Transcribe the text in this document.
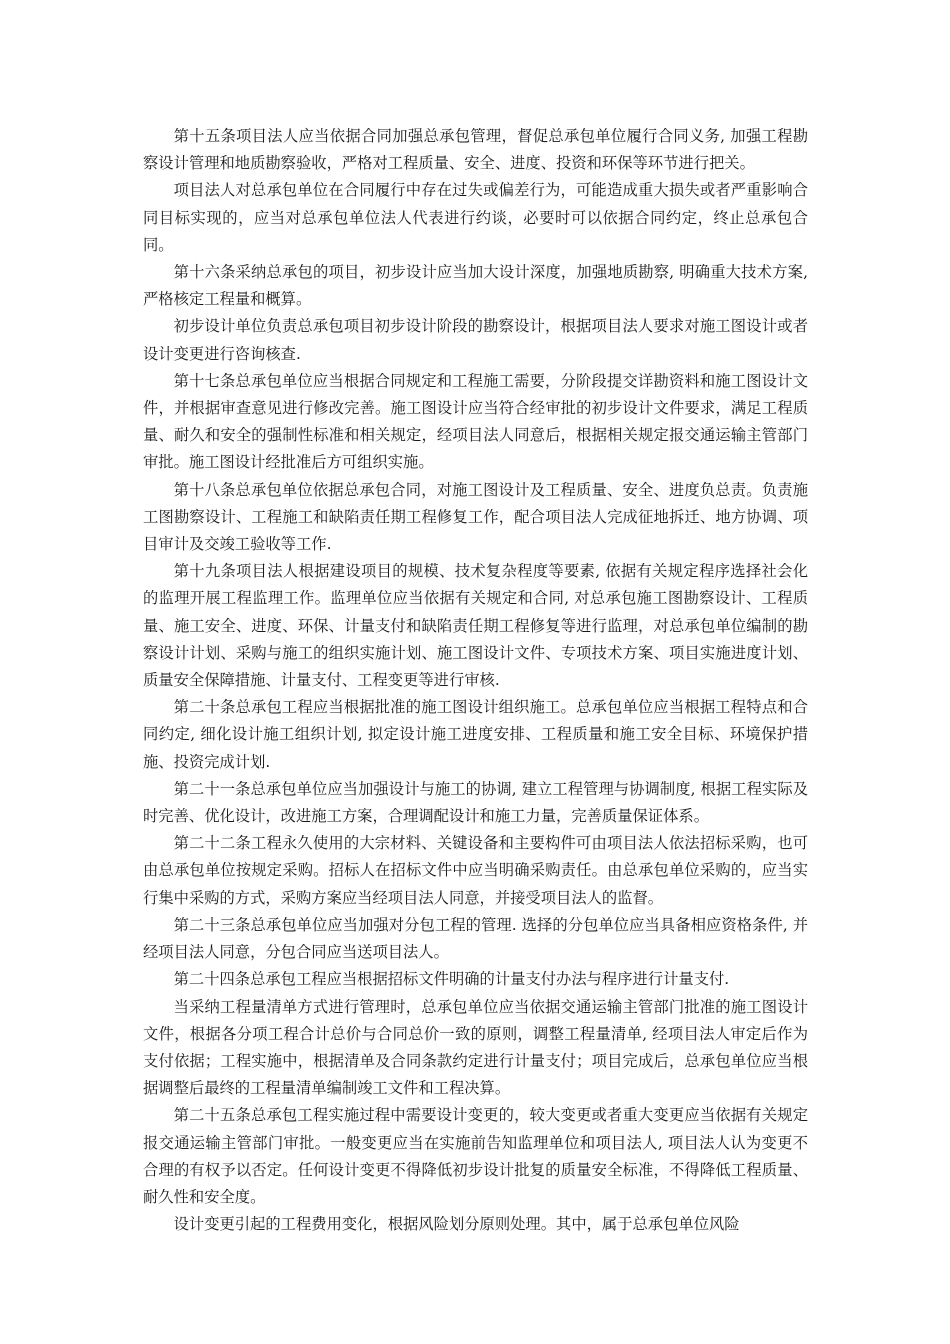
第十五条项目法人应当依据合同加强总承包管理，督促总承包单位履行合同义务, 加强工程勘察设计管理和地质勘察验收，严格对工程质量、安全、进度、投资和环保等环节进行把关。

项目法人对总承包单位在合同履行中存在过失或偏差行为，可能造成重大损失或者严重影响合同目标实现的，应当对总承包单位法人代表进行约谈，必要时可以依据合同约定，终止总承包合同。

第十六条采纳总承包的项目，初步设计应当加大设计深度，加强地质勘察, 明确重大技术方案, 严格核定工程量和概算。

初步设计单位负责总承包项目初步设计阶段的勘察设计，根据项目法人要求对施工图设计或者设计变更进行咨询核查.

第十七条总承包单位应当根据合同规定和工程施工需要，分阶段提交详勘资料和施工图设计文件，并根据审查意见进行修改完善。施工图设计应当符合经审批的初步设计文件要求，满足工程质量、耐久和安全的强制性标准和相关规定，经项目法人同意后，根据相关规定报交通运输主管部门审批。施工图设计经批准后方可组织实施。

第十八条总承包单位依据总承包合同，对施工图设计及工程质量、安全、进度负总责。负责施工图勘察设计、工程施工和缺陷责任期工程修复工作，配合项目法人完成征地拆迁、地方协调、项目审计及交竣工验收等工作.

第十九条项目法人根据建设项目的规模、技术复杂程度等要素, 依据有关规定程序选择社会化的监理开展工程监理工作。监理单位应当依据有关规定和合同, 对总承包施工图勘察设计、工程质量、施工安全、进度、环保、计量支付和缺陷责任期工程修复等进行监理，对总承包单位编制的勘察设计计划、采购与施工的组织实施计划、施工图设计文件、专项技术方案、项目实施进度计划、质量安全保障措施、计量支付、工程变更等进行审核.

第二十条总承包工程应当根据批准的施工图设计组织施工。总承包单位应当根据工程特点和合同约定, 细化设计施工组织计划, 拟定设计施工进度安排、工程质量和施工安全目标、环境保护措施、投资完成计划.

第二十一条总承包单位应当加强设计与施工的协调, 建立工程管理与协调制度, 根据工程实际及时完善、优化设计，改进施工方案，合理调配设计和施工力量，完善质量保证体系。

第二十二条工程永久使用的大宗材料、关键设备和主要构件可由项目法人依法招标采购，也可由总承包单位按规定采购。招标人在招标文件中应当明确采购责任。由总承包单位采购的，应当实行集中采购的方式，采购方案应当经项目法人同意，并接受项目法人的监督。

第二十三条总承包单位应当加强对分包工程的管理. 选择的分包单位应当具备相应资格条件, 并经项目法人同意，分包合同应当送项目法人。

第二十四条总承包工程应当根据招标文件明确的计量支付办法与程序进行计量支付.

当采纳工程量清单方式进行管理时，总承包单位应当依据交通运输主管部门批准的施工图设计文件，根据各分项工程合计总价与合同总价一致的原则，调整工程量清单, 经项目法人审定后作为支付依据；工程实施中，根据清单及合同条款约定进行计量支付；项目完成后，总承包单位应当根据调整后最终的工程量清单编制竣工文件和工程决算。

第二十五条总承包工程实施过程中需要设计变更的，较大变更或者重大变更应当依据有关规定报交通运输主管部门审批。一般变更应当在实施前告知监理单位和项目法人, 项目法人认为变更不合理的有权予以否定。任何设计变更不得降低初步设计批复的质量安全标准，不得降低工程质量、耐久性和安全度。

设计变更引起的工程费用变化，根据风险划分原则处理。其中，属于总承包单位风险
